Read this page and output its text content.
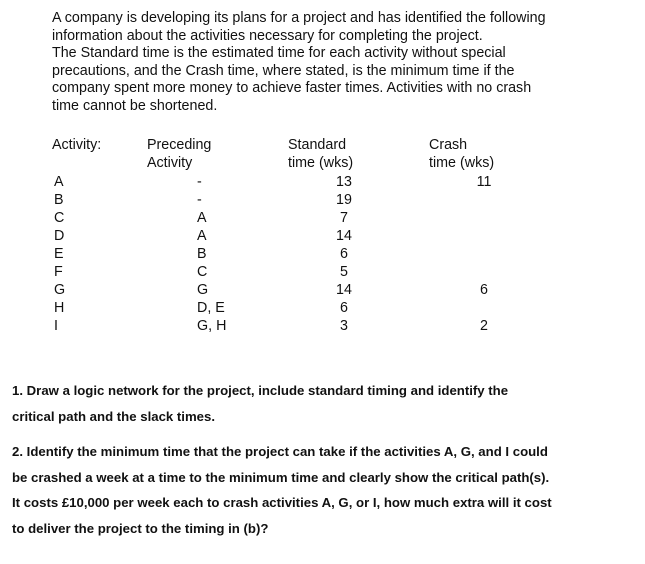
A company is developing its plans for a project and has identified the following

information about the activities necessary for completing the project.

The Standard time is the estimated time for each activity without special

precautions, and the Crash time, where stated, is the minimum time if the

company spent more money to achieve faster times. Activities with no crash

time cannot be shortened.

Activity:	Preceding
Activity
Standard
time (wks)
Crash
time (wks)
A
B
C
D
E
F
G
H
I
-
-
A
A
B
C
G
D, E
G, H
13
19
7
14
6
5
14
6
3
11
6
2

1. Draw a logic network for the project, include standard timing and identify the

critical path and the slack times.

2. Identify the minimum time that the project can take if the activities A, G, and I could

be crashed a week at a time to the minimum time and clearly show the critical path(s).

It costs £10,000 per week each to crash activities A, G, or I, how much extra will it cost

to deliver the project to the timing in (b)?
